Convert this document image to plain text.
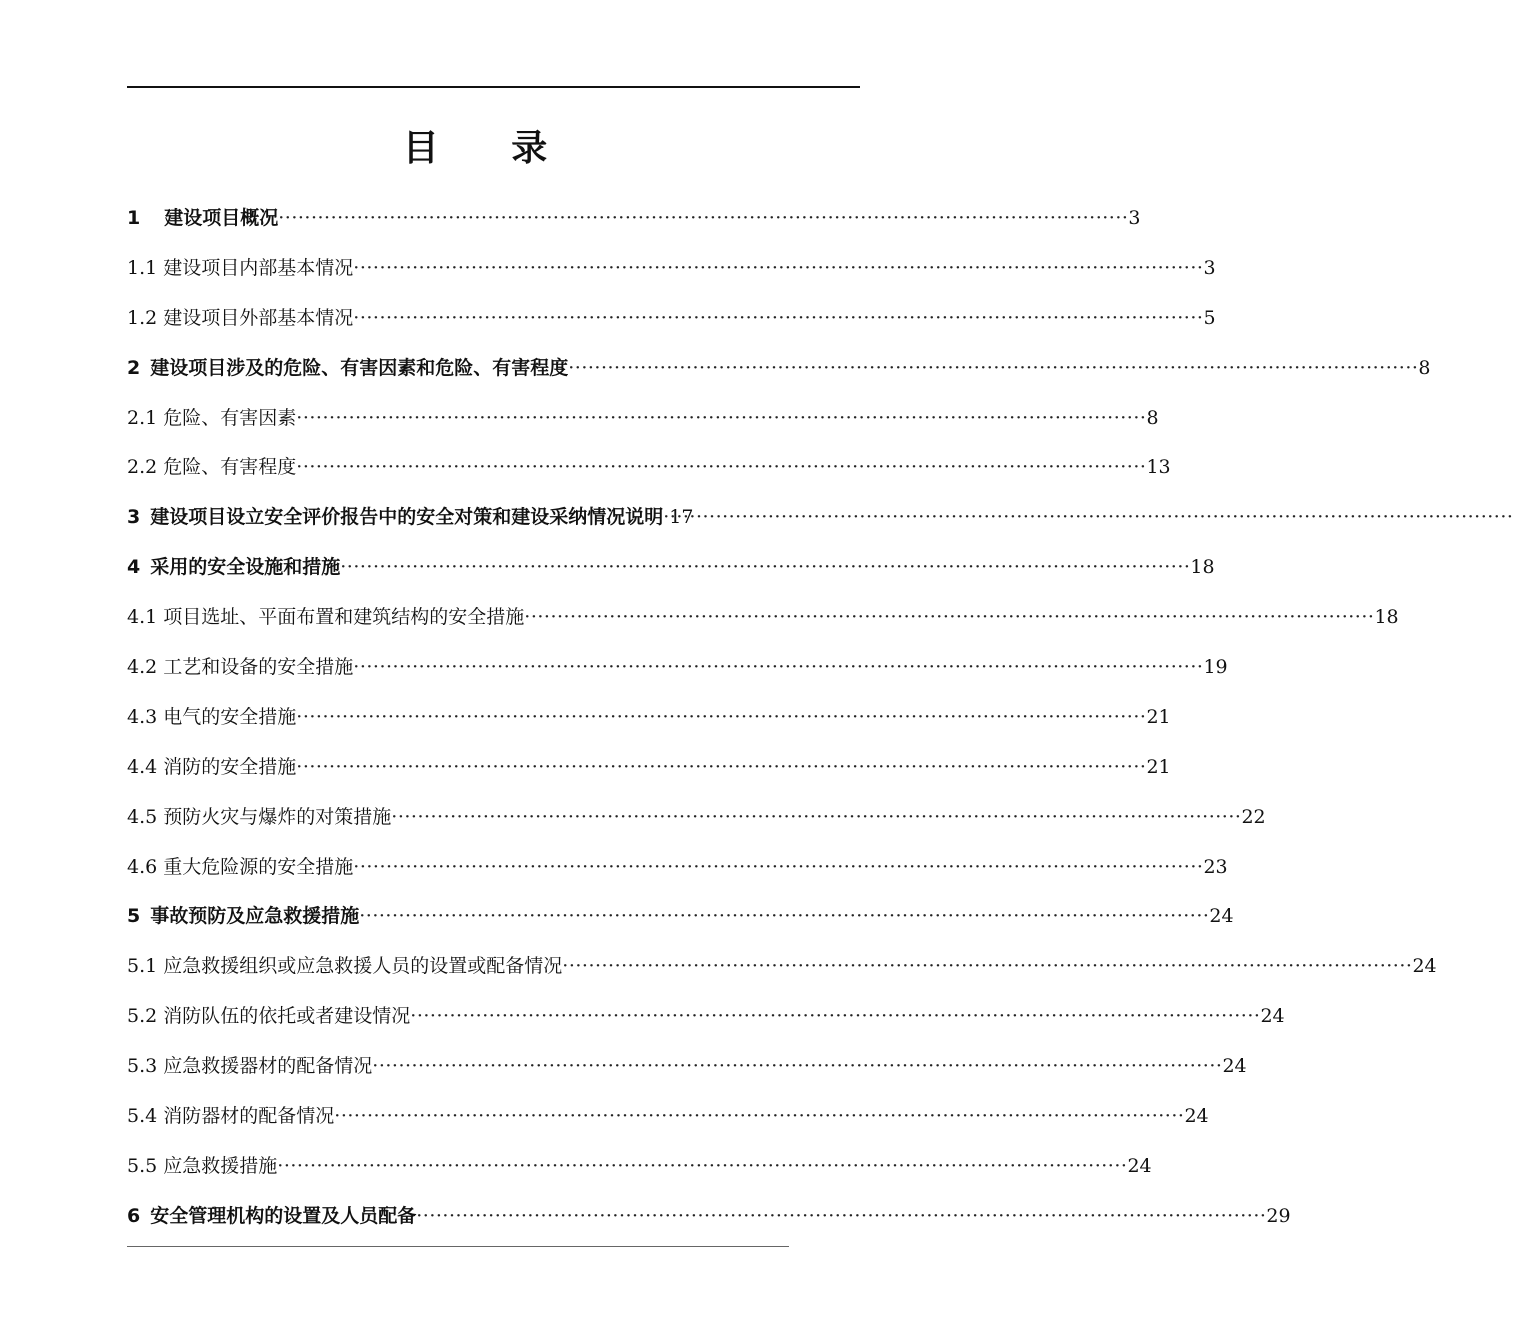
目 录
1 建设项目概况 ·····	3
1.1 建设项目内部基本情况 ·····	3
1.2 建设项目外部基本情况 ·····	5
2 建设项目涉及的危险、有害因素和危险、有害程度 ·····	8
2.1 危险、有害因素 ·····	8
2.2 危险、有害程度 ·····	13
3 建设项目设立安全评价报告中的安全对策和建设采纳情况说明 ····· 17
4 采用的安全设施和措施 ·····	18
4.1 项目选址、平面布置和建筑结构的安全措施 ·····	18
4.2 工艺和设备的安全措施 ·····	19
4.3 电气的安全措施 ·····	21
4.4 消防的安全措施 ·····	21
4.5 预防火灾与爆炸的对策措施 ·····	22
4.6 重大危险源的安全措施 ·····	23
5 事故预防及应急救援措施 ·····	24
5.1 应急救援组织或应急救援人员的设置或配备情况 ·····	24
5.2 消防队伍的依托或者建设情况 ·····	24
5.3 应急救援器材的配备情况 ·····	24
5.4 消防器材的配备情况 ·····	24
5.5 应急救援措施 ·····	24
6 安全管理机构的设置及人员配备 ·····	29
